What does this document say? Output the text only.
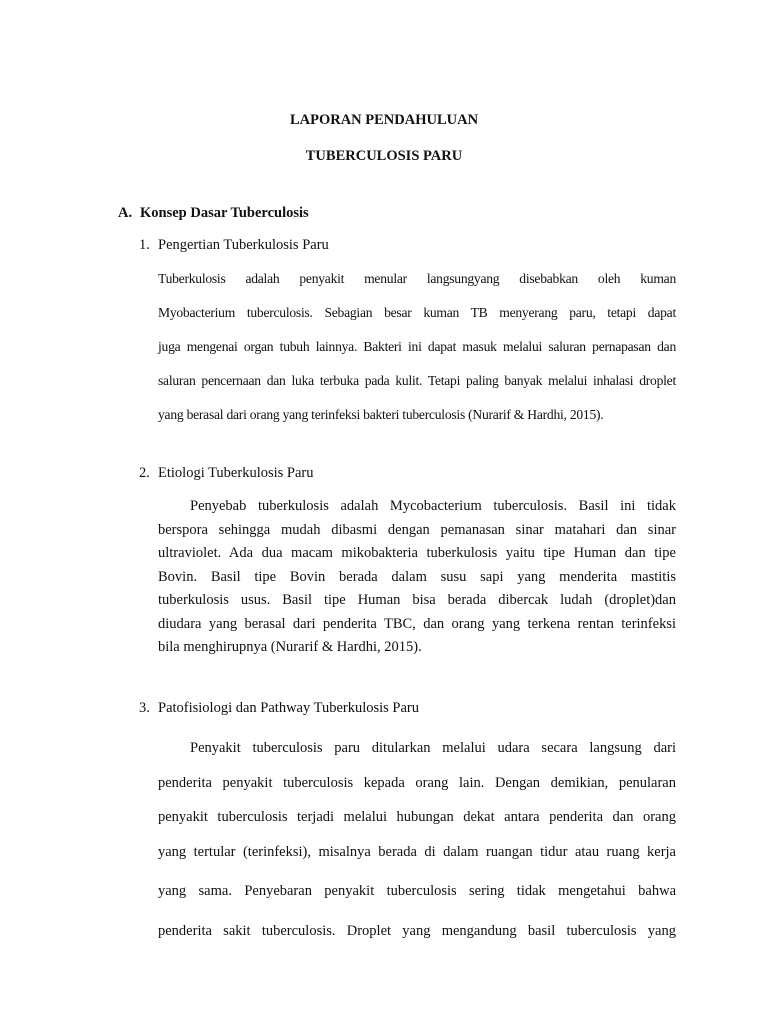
LAPORAN PENDAHULUAN
TUBERCULOSIS PARU
A. Konsep Dasar Tuberculosis
1. Pengertian Tuberkulosis Paru
Tuberkulosis adalah penyakit menular langsungyang disebabkan oleh kuman
Myobacterium tuberculosis. Sebagian besar kuman TB menyerang paru, tetapi dapat
juga mengenai organ tubuh lainnya. Bakteri ini dapat masuk melalui saluran pernapasan dan
saluran pencernaan dan luka terbuka pada kulit. Tetapi paling banyak melalui inhalasi droplet
yang berasal dari orang yang terinfeksi bakteri tuberculosis (Nurarif & Hardhi, 2015).
2. Etiologi Tuberkulosis Paru
Penyebab tuberkulosis adalah Mycobacterium tuberculosis. Basil ini tidak
berspora sehingga mudah dibasmi dengan pemanasan sinar matahari dan sinar
ultraviolet. Ada dua macam mikobakteria tuberkulosis yaitu tipe Human dan tipe
Bovin. Basil tipe Bovin berada dalam susu sapi yang menderita mastitis
tuberkulosis usus. Basil tipe Human bisa berada dibercak ludah (droplet)dan
diudara yang berasal dari penderita TBC, dan orang yang terkena rentan terinfeksi
bila menghirupnya (Nurarif & Hardhi, 2015).
3. Patofisiologi dan Pathway Tuberkulosis Paru
Penyakit tuberculosis paru ditularkan melalui udara secara langsung dari
penderita penyakit tuberculosis kepada orang lain. Dengan demikian, penularan
penyakit tuberculosis terjadi melalui hubungan dekat antara penderita dan orang
yang tertular (terinfeksi), misalnya berada di dalam ruangan tidur atau ruang kerja
yang sama. Penyebaran penyakit tuberculosis sering tidak mengetahui bahwa
penderita sakit tuberculosis. Droplet yang mengandung basil tuberculosis yang
